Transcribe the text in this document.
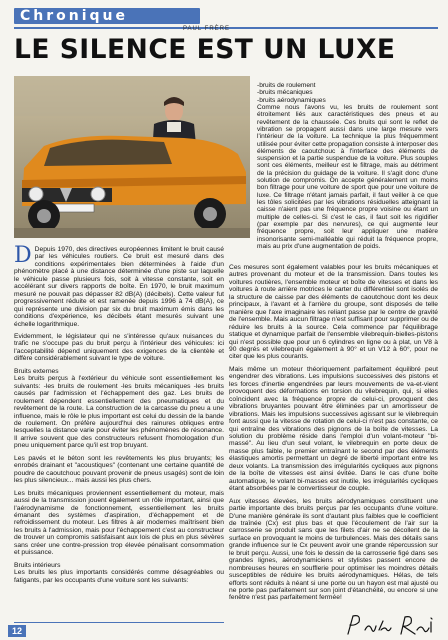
Chronique
PAUL FRÈRE
LE SILENCE EST UN LUXE
-bruits de roulement
-bruits mécaniques
-bruits aérodynamiques

Comme nous l'avons vu, les bruits de roulement sont étroitement liés aux caractéristiques des pneus et au revêtement de la chaussée. Ces bruits qui sont le reflet de vibration se propagent aussi dans une large mesure vers l'intérieur de la voiture. La technique la plus fréquemment utilisée pour éviter cette propagation consiste à interposer des éléments de caoutchouc à l'interface des éléments de suspension et la partie suspendue de la voiture. Plus souples sont ces éléments, meilleur est le filtrage, mais au détriment de la précision du guidage de la voiture. Il s'agit donc d'une solution de compromis. On accepte généralement un moins bon filtrage pour une voiture de sport que pour une voiture de luxe. Ce filtrage n'étant jamais parfait, il faut veiller à ce que les tôles solicitées par les vibrations résiduelles atteignant la caisse n'aient pas une fréquence propre voisine ou étant un multiple de celles-ci. Si c'est le cas, il faut soit les rigidifier (par exemple par des nervures), ce qui augmente leur fréquence propre, soit leur appliquer une matière insonorisante semi-malléable qui réduit la fréquence propre, mais au prix d'une augmentation de poids.

D Depuis 1970, des directives européennes limitent le bruit causé par les véhicules routiers. Ce bruit est mesuré dans des conditions expérimentales bien déterminées à l'aide d'un phénomètre placé à une distance déterminée d'une piste sur laquelle le véhicule passe plusieurs fois, soit à vitesse constante, soit en accélérant sur divers rapports de boîte. En 1970, le bruit maximum mesuré ne pouvait pas dépasser 82 dB(A) (décibels). Cette valeur fut progressivement réduite et est ramenée depuis 1996 à 74 dB(A), ce qui représente une division par six du bruit maximum émis dans les conditions d'expérience, les décibels étant mesurés suivant une échelle logarithmique.

Evidemment, le législateur qui ne s'intéresse qu'aux nuisances du trafic ne s'occupe pas du bruit perçu à l'intérieur des véhicules: ici l'acceptabilité dépend uniquement des exigences de la clientèle et diffère considérablement suivant le type de voiture.

Bruits externes

Les bruits perçus à l'extérieur du véhicule sont essentiellement les suivants: -les bruits de roulement -les bruits mécaniques -les bruits causés par l'admission et l'échappement des gaz. Les bruits de roulement dépendent essentiellement des pneumatiques et du revêtement de la route. La construction de la carcasse du pneu a une influence, mais le rôle le plus important est celui du dessin de la bande de roulement. On préfère aujourd'hui des rainures obliques entre lesquelles la distance varie pour éviter les phénomènes de résonance. Il arrive souvent que des constructeurs refusent l'homologation d'un pneu uniquement parce qu'il est trop bruyant.

Les pavés et le béton sont les revêtements les plus bruyants; les enrobés drainant et "acoustiques" (contenant une certaine quantité de poudre de caoutchouc pouvant provenir de pneus usagés) sont de loin les plus silencieux... mais aussi les plus chers.

Les bruits mécaniques proviennent essentiellement du moteur, mais aussi de la transmission jouent également un rôle important, ainsi que l'aérodynamisme de fonctionnement, essentiellement les bruits émanant des systèmes d'aspiration, d'échappement et de refroidissement du moteur. Les filtres à air modernes maîtrisent bien les bruits à l'admission, mais pour l'échappement c'est au constructeur de trouver un compromis satisfaisant aux lois de plus en plus sévères sans créer une contre-pression trop élevée pénalisant consommation et puissance.

Bruits intérieurs

Les bruits les plus importants considérés comme désagréables ou fatigants, par les occupants d'une voiture sont les suivants:

Ces mesures sont également valables pour les bruits mécaniques et autres provenant du moteur et de la transmission. Dans toutes les voitures routières, l'ensemble moteur et boîte de vitesses et dans les voitures à route arrière motrices le carter du différentiel sont isolés de la structure de caisse par des éléments de caoutchouc dont les deux principaux, à l'avant et à l'arrière du groupe, sont disposés de telle manière que l'axe imaginaire les reliant passe par le centre de gravité de l'ensemble. Mais aucun filtrage n'est suffisant pour supprimer ou de réduire les bruits à la source. Cela commence par l'équilibrage statique et dynamique parfait de l'ensemble vilebrequin-bielles-pistons qui n'est possible que pour un 6 cylindres en ligne ou à plat, un V8 à 90 degrés et vilebrequin également à 90° et un V12 à 60°, pour ne citer que les plus courants.

Mais même un moteur théoriquement parfaitement équilibré peut engendrer des vibrations. Les impulsions successives des pistons et les forces d'inertie engendrées par leurs mouvements de va-et-vient provoquent des déformations en torsion du vilebrequin, qui, si elles coïncident avec la fréquence propre de celui-ci, provoquent des vibrations bruyantes pouvant être éliminées par un amortisseur de vibrations. Mais les impulsions successives agissant sur le vilebrequin font aussi que la vitesse de rotation de celui-ci n'est pas constante, ce qui entraîne des vibrations des pignons de la boîte de vitesses. La solution du problème réside dans l'emploi d'un volant-moteur "bi-massé". Au lieu d'un seul volant, le vilebrequin en porte deux de masse plus faible, le premier entraînant le second par des éléments élastiques amortis permettant un degré de liberté important entre les deux volants. La transmission des irrégularités cycliques aux pignons de la boîte de vitesses est ainsi évitée. Dans le cas d'une boîte automatique, le volant bi-masses est inutile, les irrégularités cycliques étant absorbées par le convertisseur de couple.

Aux vitesses élevées, les bruits aérodynamiques constituent une partie importante des bruits perçus par les occupants d'une voiture. D'une manière générale ils sont d'autant plus faibles que le coefficient de traînée (Cx) est plus bas et que l'écoulement de l'air sur la carrosserie se produit sans que les filets d'air ne se décollent de la surface en provoquant le moins de turbulences. Mais des détails sans grande influence sur le Cx peuvent avoir une grande répercussion sur le bruit perçu. Aussi, une fois le dessin de la carrosserie figé dans ses grandes lignes, aérodynamiciens et stylistes passent encore de nombreuses heures en soufflerie pour optimiser les moindres détails susceptibles de réduire les bruits aérodynamiques. Hélas, de tels efforts sont réduits à néant si une porte ou un hayon est mal ajusté ou ne porte pas parfaitement sur son joint d'étanchéité, ou encore si une fenêtre n'est pas parfaitement fermée!

12
